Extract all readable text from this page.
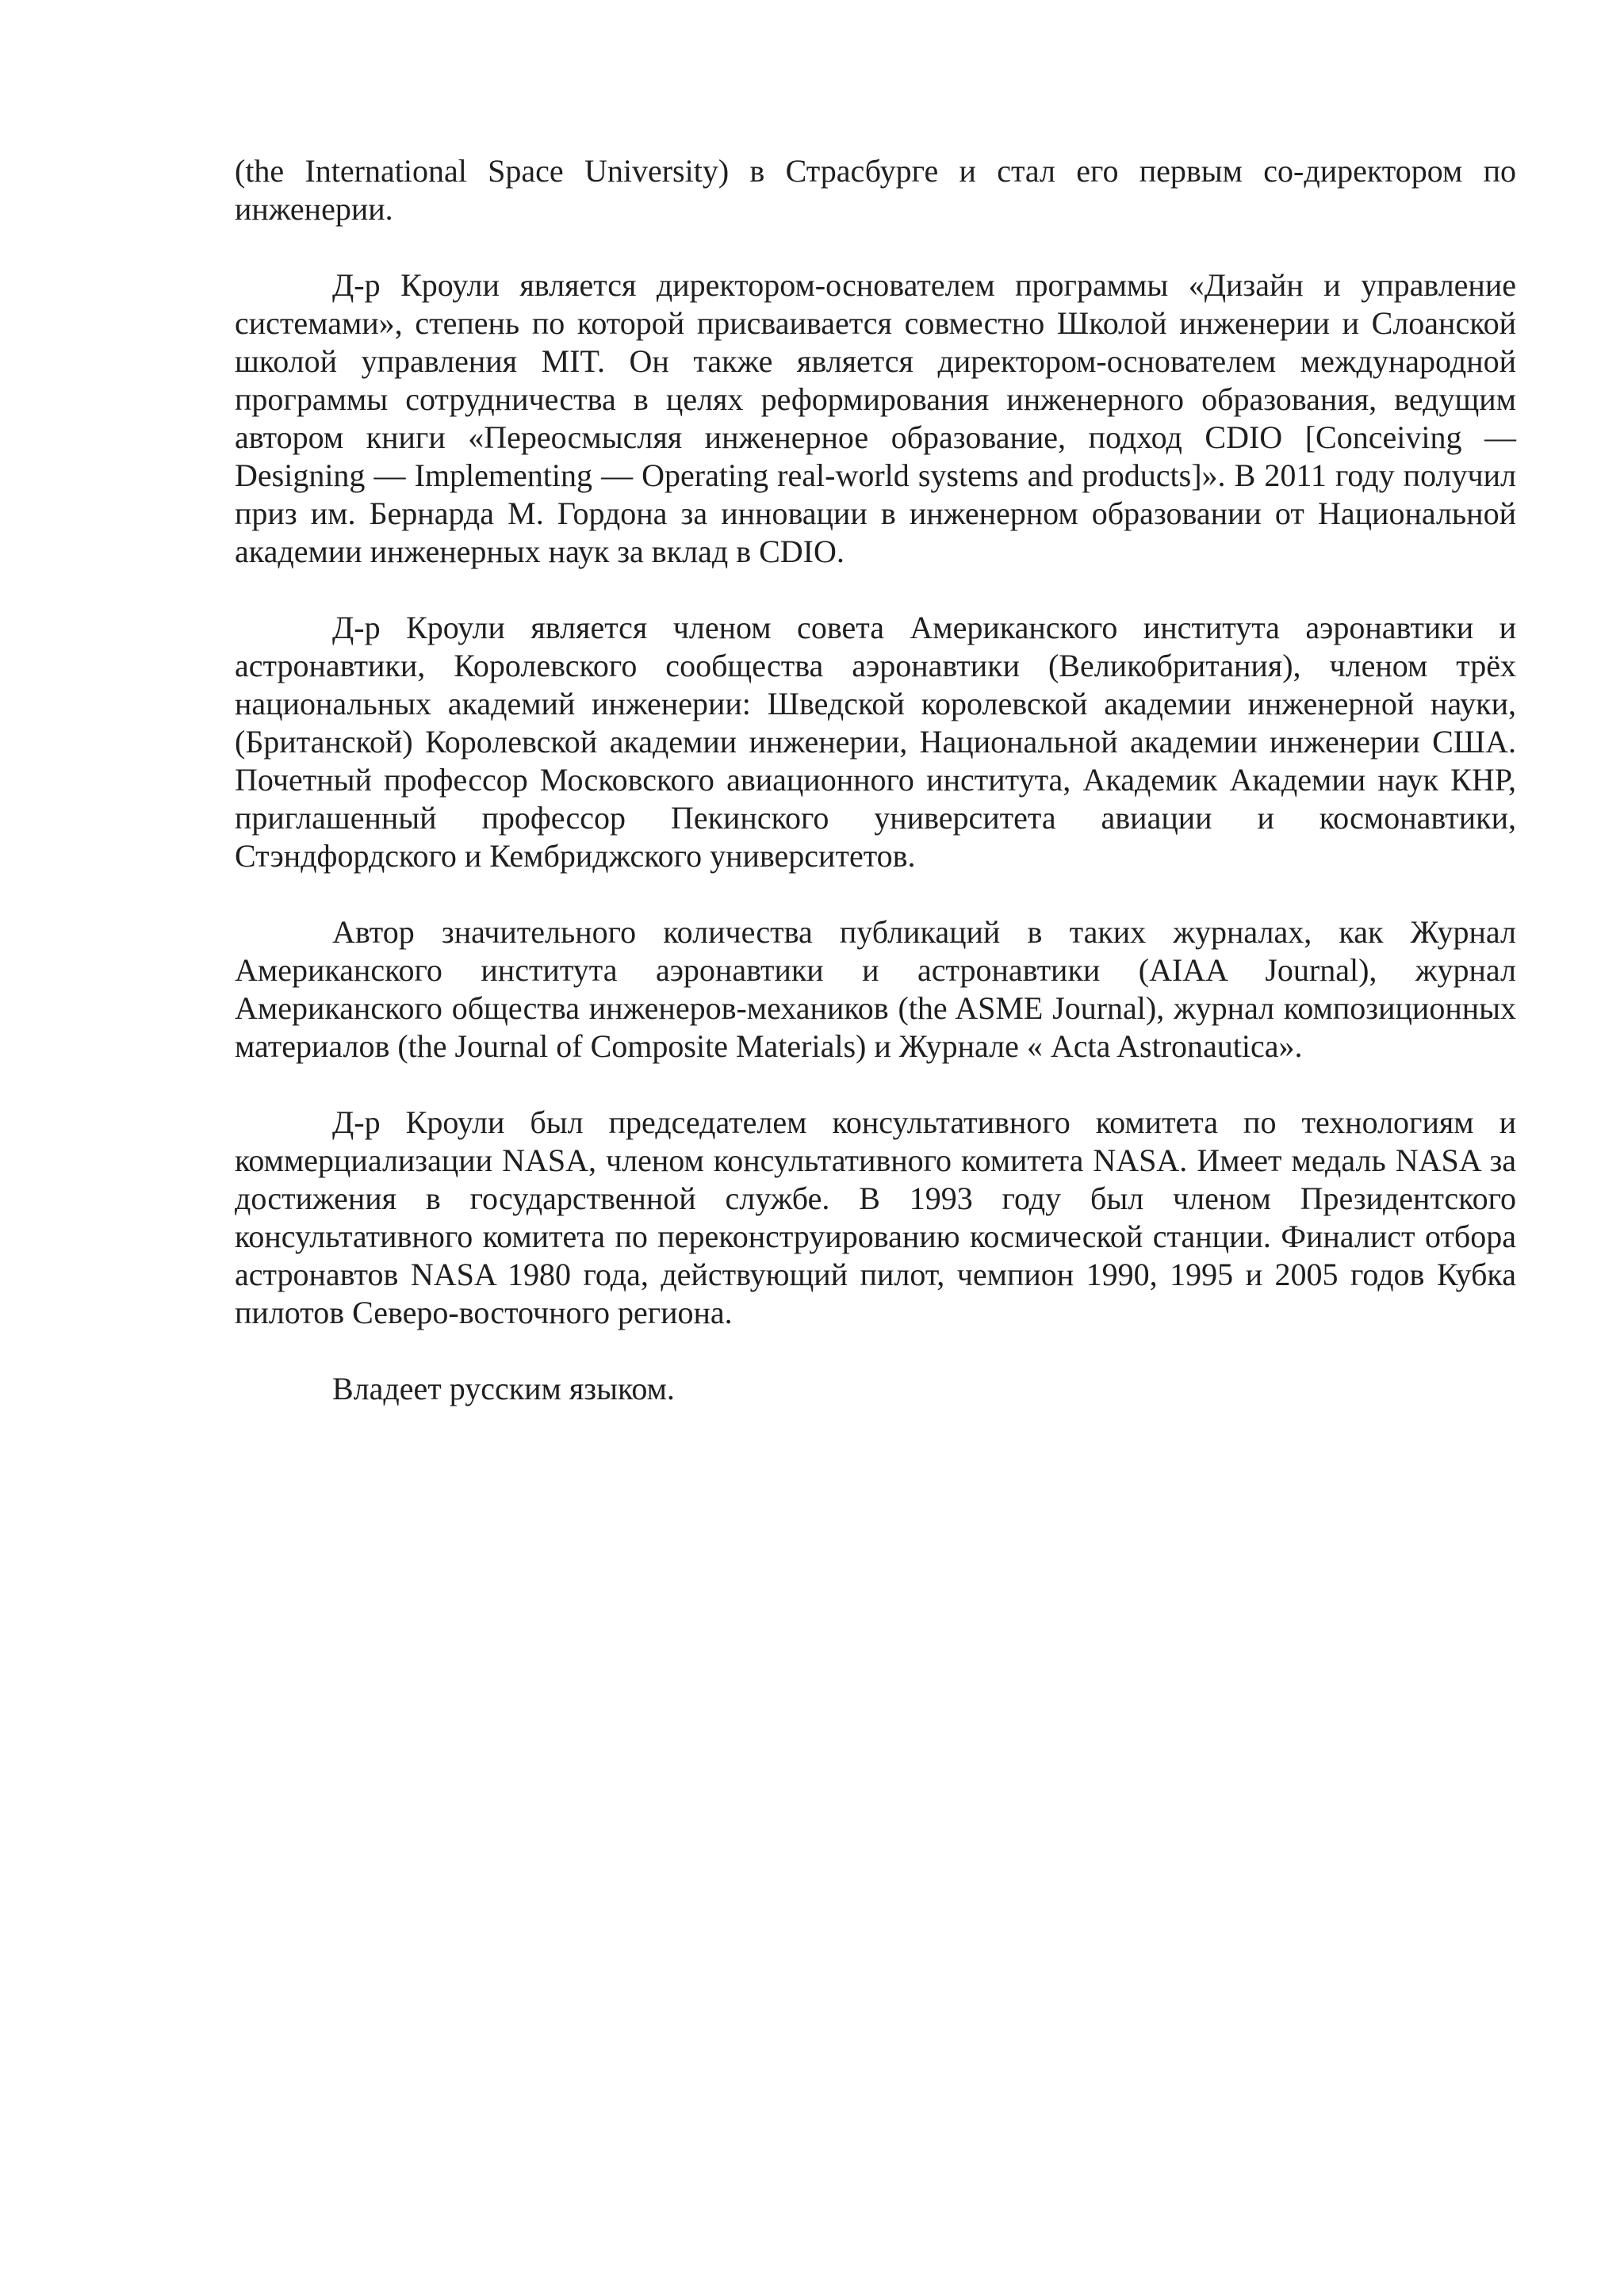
(the International Space University) в Страсбурге и стал его первым со-директором по инженерии.

Д-р Кроули является директором-основателем программы «Дизайн и управление системами», степень по которой присваивается совместно Школой инженерии и Слоанской школой управления MIT. Он также является директором-основателем международной программы сотрудничества в целях реформирования инженерного образования, ведущим автором книги «Переосмысляя инженерное образование, подход CDIO [Conceiving — Designing — Implementing — Operating real-world systems and products]». В 2011 году получил приз им. Бернарда М. Гордона за инновации в инженерном образовании от Национальной академии инженерных наук за вклад в CDIO.

Д-р Кроули является членом совета Американского института аэронавтики и астронавтики, Королевского сообщества аэронавтики (Великобритания), членом трёх национальных академий инженерии: Шведской королевской академии инженерной науки, (Британской) Королевской академии инженерии, Национальной академии инженерии США. Почетный профессор Московского авиационного института, Академик Академии наук КНР, приглашенный профессор Пекинского университета авиации и космонавтики, Стэндфордского и Кембриджского университетов.

Автор значительного количества публикаций в таких журналах, как Журнал Американского института аэронавтики и астронавтики (AIAA Journal), журнал Американского общества инженеров-механиков (the ASME Journal), журнал композиционных материалов (the Journal of Composite Materials) и Журнале « Acta Astronautica».

Д-р Кроули был председателем консультативного комитета по технологиям и коммерциализации NASA, членом консультативного комитета NASA. Имеет медаль NASA за достижения в государственной службе. В 1993 году был членом Президентского консультативного комитета по переконструированию космической станции. Финалист отбора астронавтов NASA 1980 года, действующий пилот, чемпион 1990, 1995 и 2005 годов Кубка пилотов Северо-восточного региона.

Владеет русским языком.
